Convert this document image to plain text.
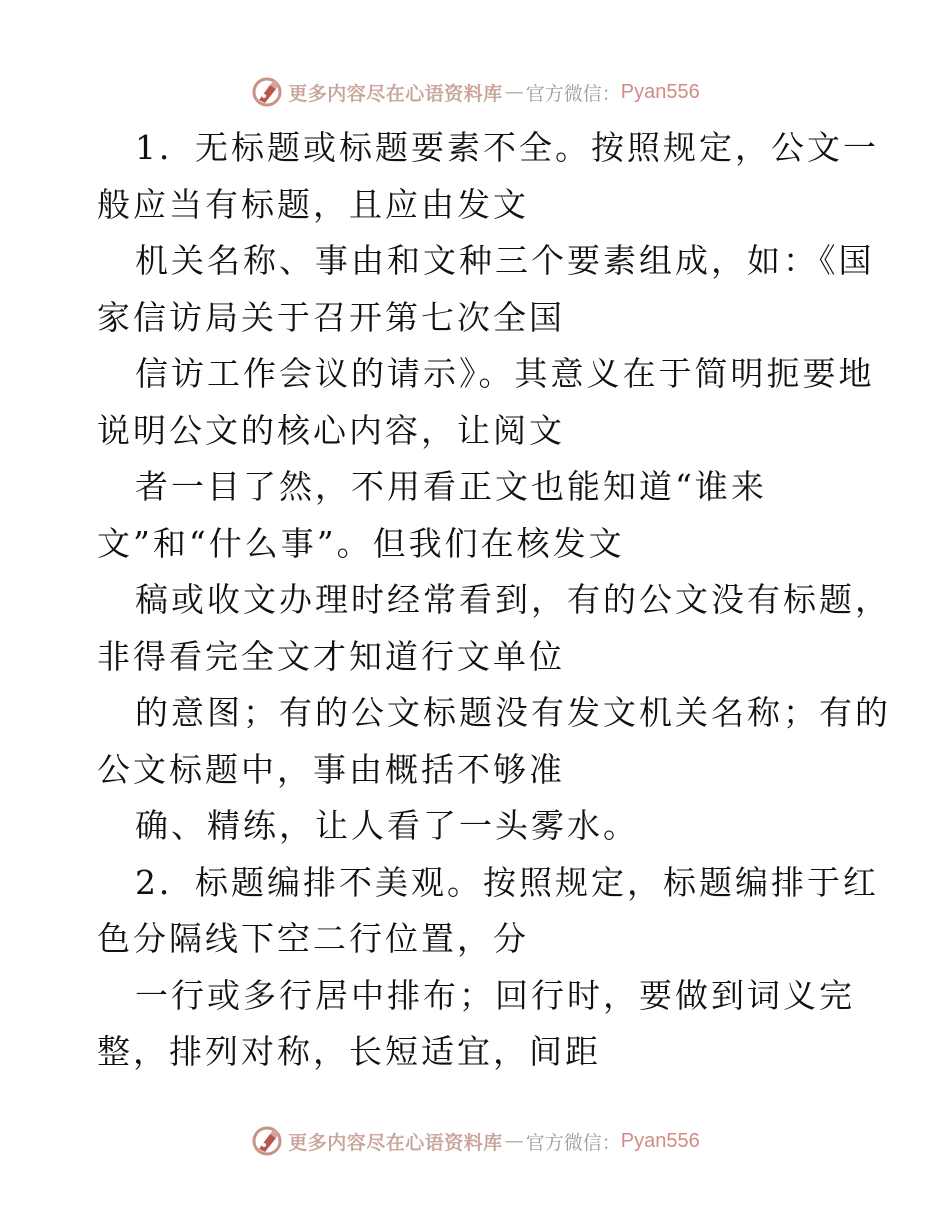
更多内容尽在心语资料库 — 官方微信： Pyan556
1．无标题或标题要素不全。按照规定，公文一
般应当有标题，且应由发文
机关名称、事由和文种三个要素组成，如：《国
家信访局关于召开第七次全国
信访工作会议的请示》。其意义在于简明扼要地
说明公文的核心内容，让阅文
者一目了然，不用看正文也能知道“谁来
文”和“什么事”。但我们在核发文
稿或收文办理时经常看到，有的公文没有标题，
非得看完全文才知道行文单位
的意图；有的公文标题没有发文机关名称；有的
公文标题中，事由概括不够准
确、精练，让人看了一头雾水。
2．标题编排不美观。按照规定，标题编排于红
色分隔线下空二行位置，分
一行或多行居中排布；回行时，要做到词义完
整，排列对称，长短适宜，间距
更多内容尽在心语资料库 — 官方微信： Pyan556
